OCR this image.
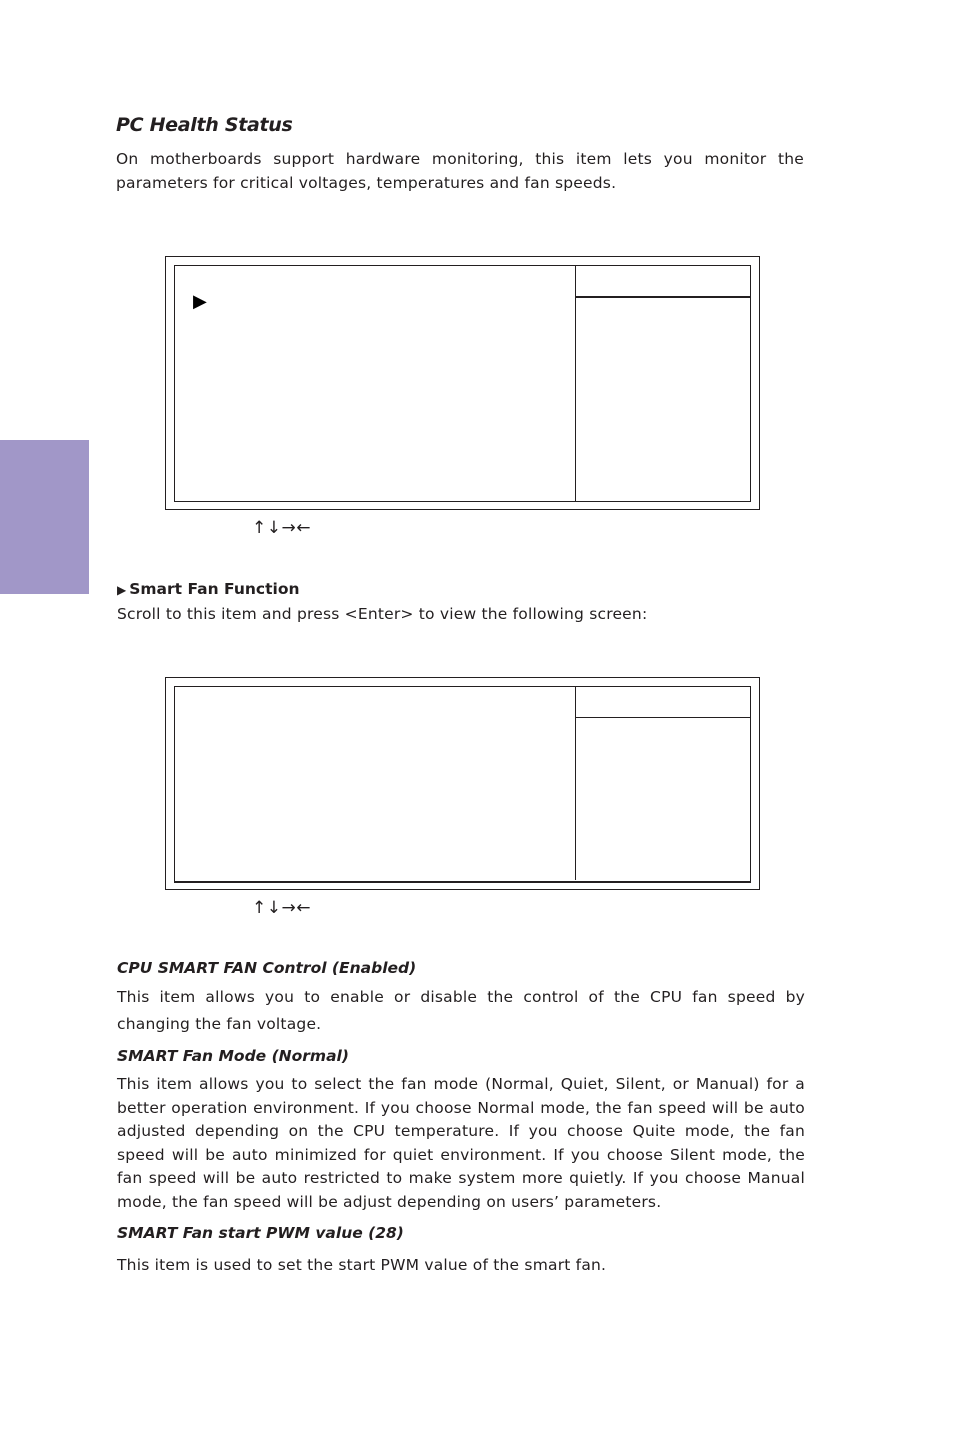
PC Health Status

On motherboards support hardware monitoring, this item lets you monitor the parameters for critical voltages, temperatures and fan speeds.

▶
↑↓→←
▶ Smart Fan Function

Scroll to this item and press <Enter> to view the following screen:

↑↓→←
CPU SMART FAN Control (Enabled)

This item allows you to enable or disable the control of the CPU fan speed by changing the fan voltage.

SMART Fan Mode (Normal)

This item allows you to select the fan mode (Normal, Quiet, Silent, or Manual) for a better operation environment. If you choose Normal mode, the fan speed will be auto adjusted depending on the CPU temperature. If you choose Quite mode, the fan speed will be auto minimized for quiet environment. If you choose Silent mode, the fan speed will be auto restricted to make system more quietly. If you choose Manual mode, the fan speed will be adjust depending on users’ parameters.

SMART Fan start PWM value (28)

This item is used to set the start PWM value of the smart fan.
